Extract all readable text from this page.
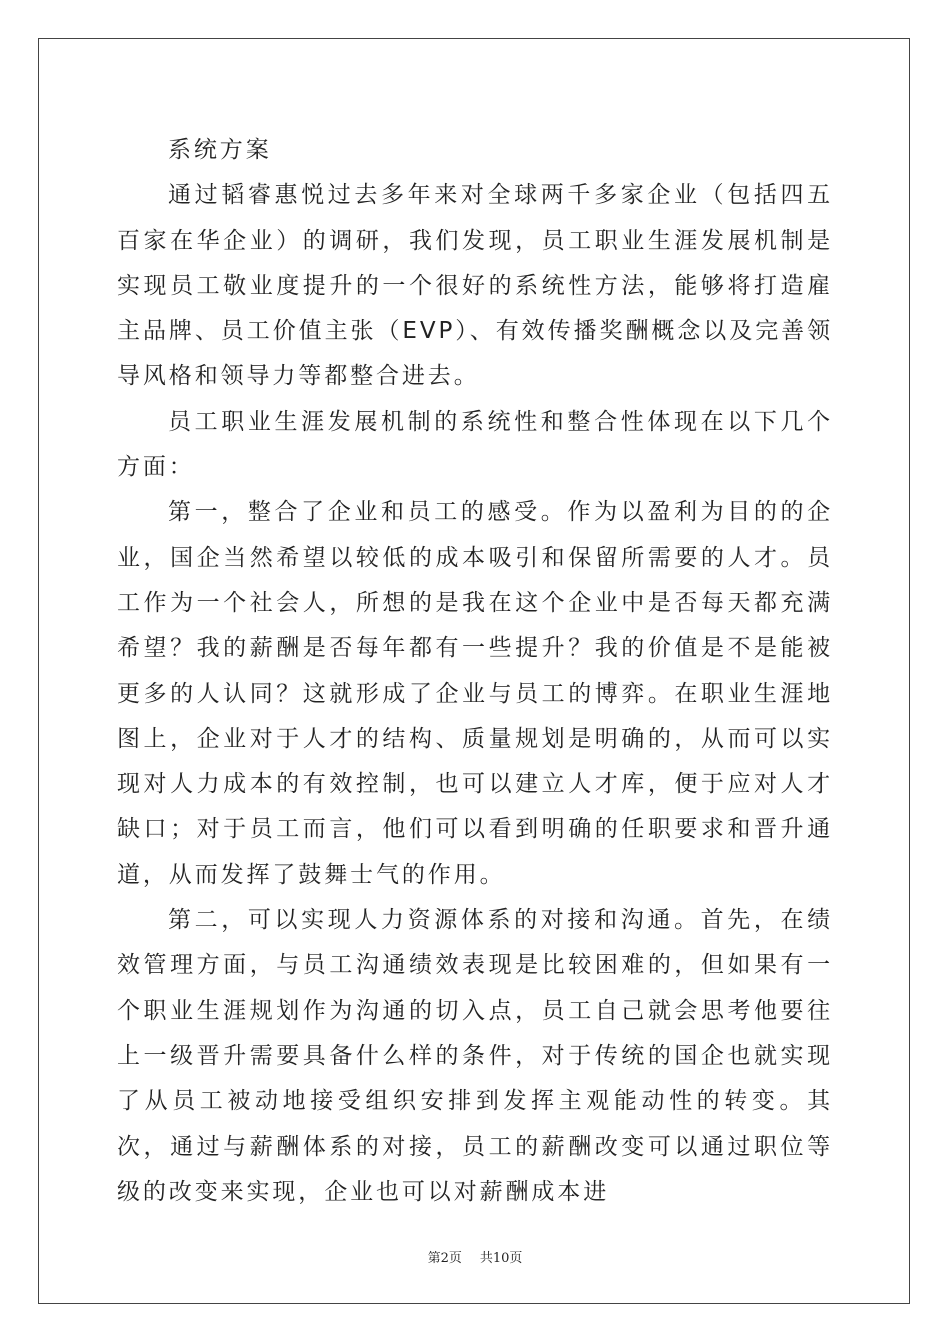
系统方案

通过韬睿惠悦过去多年来对全球两千多家企业（包括四五百家在华企业）的调研，我们发现，员工职业生涯发展机制是实现员工敬业度提升的一个很好的系统性方法，能够将打造雇主品牌、员工价值主张（EVP）、有效传播奖酬概念以及完善领导风格和领导力等都整合进去。

员工职业生涯发展机制的系统性和整合性体现在以下几个方面：

第一，整合了企业和员工的感受。作为以盈利为目的的企业，国企当然希望以较低的成本吸引和保留所需要的人才。员工作为一个社会人，所想的是我在这个企业中是否每天都充满希望？我的薪酬是否每年都有一些提升？我的价值是不是能被更多的人认同？这就形成了企业与员工的博弈。在职业生涯地图上，企业对于人才的结构、质量规划是明确的，从而可以实现对人力成本的有效控制，也可以建立人才库，便于应对人才缺口；对于员工而言，他们可以看到明确的任职要求和晋升通道，从而发挥了鼓舞士气的作用。

第二，可以实现人力资源体系的对接和沟通。首先，在绩效管理方面，与员工沟通绩效表现是比较困难的，但如果有一个职业生涯规划作为沟通的切入点，员工自己就会思考他要往上一级晋升需要具备什么样的条件，对于传统的国企也就实现了从员工被动地接受组织安排到发挥主观能动性的转变。其次，通过与薪酬体系的对接，员工的薪酬改变可以通过职位等级的改变来实现，企业也可以对薪酬成本进

第2页 共10页
